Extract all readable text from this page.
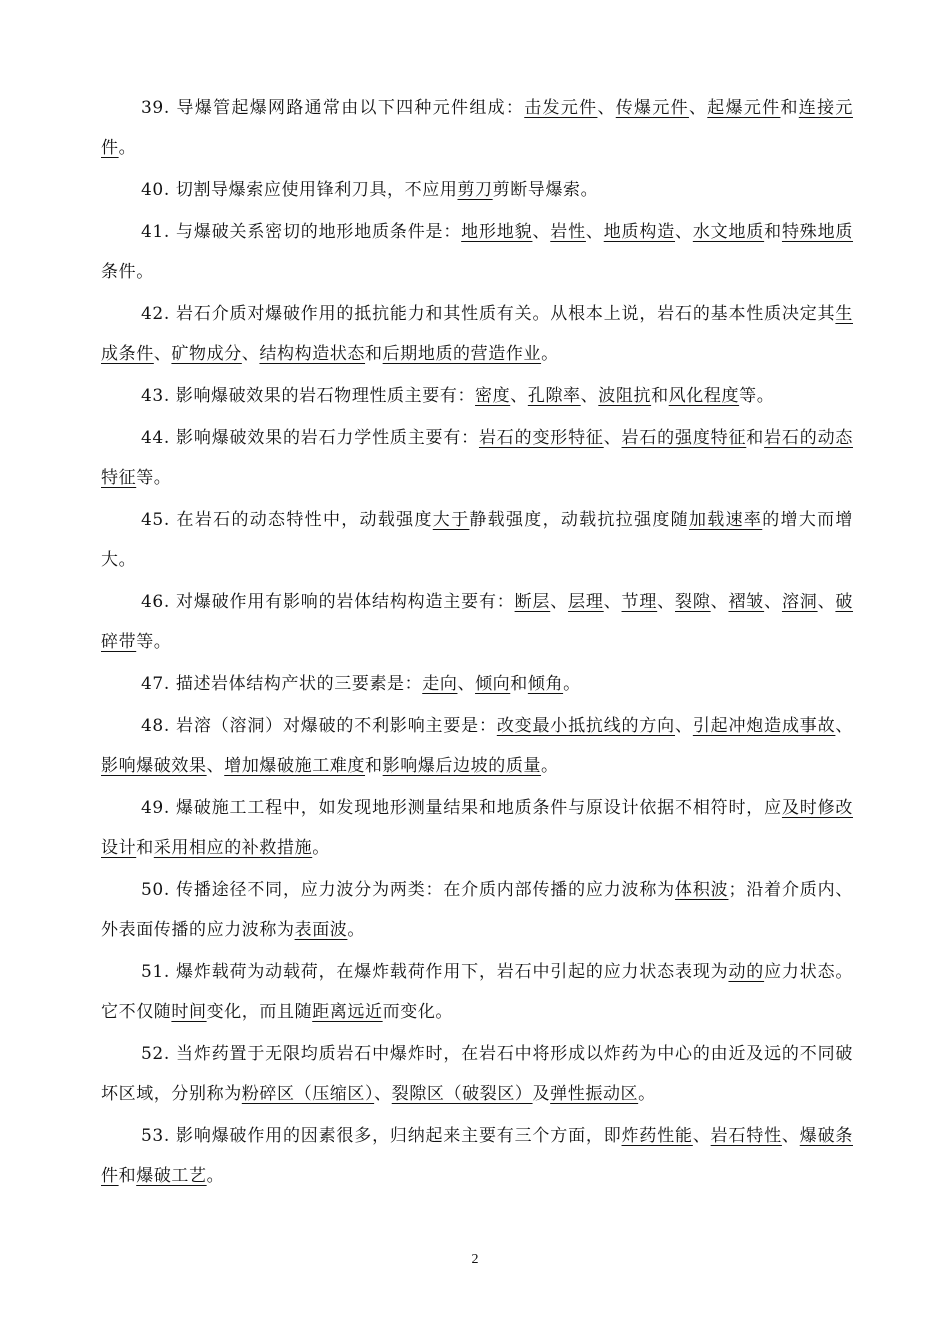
39. 导爆管起爆网路通常由以下四种元件组成：击发元件、传爆元件、起爆元件和连接元件。

40. 切割导爆索应使用锋利刀具，不应用剪刀剪断导爆索。

41. 与爆破关系密切的地形地质条件是：地形地貌、岩性、地质构造、水文地质和特殊地质条件。

42. 岩石介质对爆破作用的抵抗能力和其性质有关。从根本上说，岩石的基本性质决定其生成条件、矿物成分、结构构造状态和后期地质的营造作业。

43. 影响爆破效果的岩石物理性质主要有：密度、孔隙率、波阻抗和风化程度等。

44. 影响爆破效果的岩石力学性质主要有：岩石的变形特征、岩石的强度特征和岩石的动态特征等。

45. 在岩石的动态特性中，动载强度大于静载强度，动载抗拉强度随加载速率的增大而增大。

46. 对爆破作用有影响的岩体结构构造主要有：断层、层理、节理、裂隙、褶皱、溶洞、破碎带等。

47. 描述岩体结构产状的三要素是：走向、倾向和倾角。

48. 岩溶（溶洞）对爆破的不利影响主要是：改变最小抵抗线的方向、引起冲炮造成事故、影响爆破效果、增加爆破施工难度和影响爆后边坡的质量。

49. 爆破施工工程中，如发现地形测量结果和地质条件与原设计依据不相符时，应及时修改设计和采用相应的补救措施。

50. 传播途径不同，应力波分为两类：在介质内部传播的应力波称为体积波；沿着介质内、外表面传播的应力波称为表面波。

51. 爆炸载荷为动载荷，在爆炸载荷作用下，岩石中引起的应力状态表现为动的应力状态。它不仅随时间变化，而且随距离远近而变化。

52. 当炸药置于无限均质岩石中爆炸时，在岩石中将形成以炸药为中心的由近及远的不同破坏区域，分别称为粉碎区（压缩区）、裂隙区（破裂区）及弹性振动区。

53. 影响爆破作用的因素很多，归纳起来主要有三个方面，即炸药性能、岩石特性、爆破条件和爆破工艺。

2
